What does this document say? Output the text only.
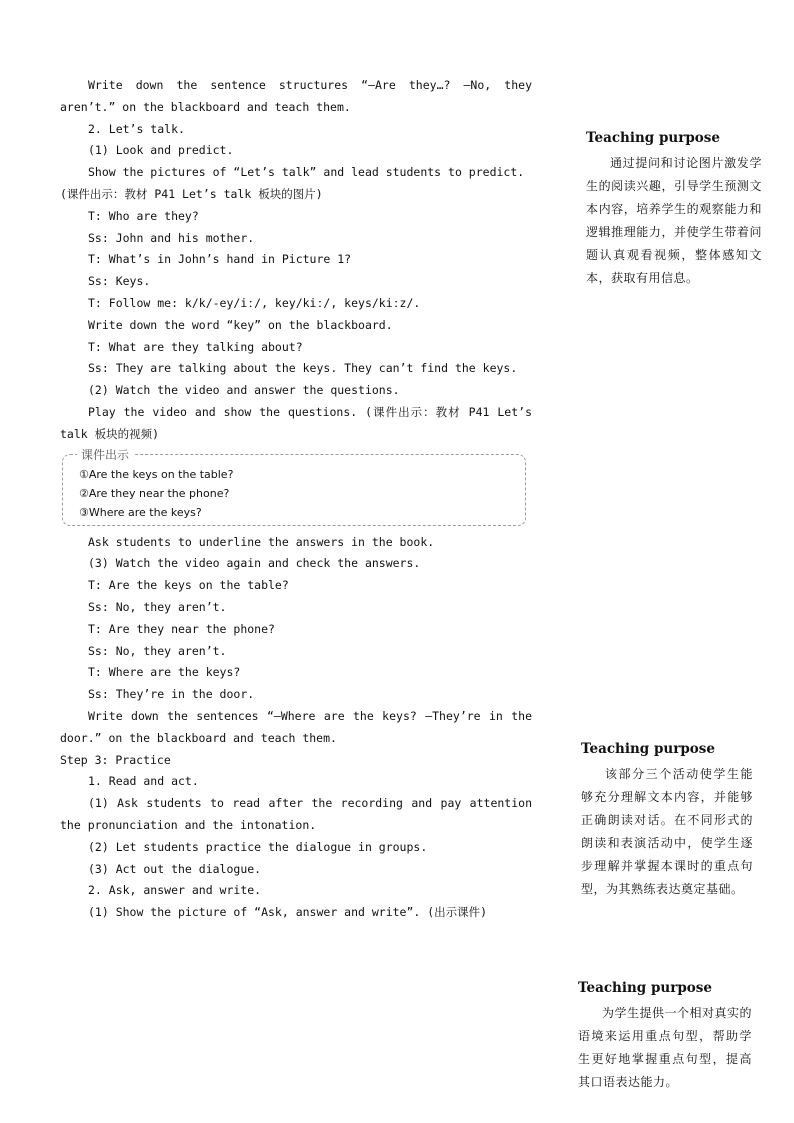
Write down the sentence structures “—Are they…? —No, they
aren’t.” on the blackboard and teach them.
2. Let’s talk.
(1) Look and predict.
Show the pictures of “Let’s talk” and lead students to predict.
(课件出示：教材 P41 Let’s talk 板块的图片)
T: Who are they?
Ss: John and his mother.
T: What’s in John’s hand in Picture 1?
Ss: Keys.
T: Follow me: k/k/-ey/iː/, key/kiː/, keys/kiːz/.
Write down the word “key” on the blackboard.
T: What are they talking about?
Ss: They are talking about the keys. They can’t find the keys.
(2) Watch the video and answer the questions.
Play the video and show the questions. (课件出示：教材 P41 Let’s
talk 板块的视频)
课件出示
①Are the keys on the table?
②Are they near the phone?
③Where are the keys?
Ask students to underline the answers in the book.
(3) Watch the video again and check the answers.
T: Are the keys on the table?
Ss: No, they aren’t.
T: Are they near the phone?
Ss: No, they aren’t.
T: Where are the keys?
Ss: They’re in the door.
Write down the sentences “—Where are the keys? —They’re in the
door.” on the blackboard and teach them.
Step 3: Practice
1. Read and act.
(1) Ask students to read after the recording and pay attention
the pronunciation and the intonation.
(2) Let students practice the dialogue in groups.
(3) Act out the dialogue.
2. Ask, answer and write.
(1) Show the picture of “Ask, answer and write”. (出示课件)
Teaching purpose
通过提问和讨论图片激发学生的阅读兴趣，引导学生预测文本内容，培养学生的观察能力和逻辑推理能力，并使学生带着问题认真观看视频，整体感知文本，获取有用信息。
Teaching purpose
该部分三个活动使学生能够充分理解文本内容，并能够正确朗读对话。在不同形式的朗读和表演活动中，使学生逐步理解并掌握本课时的重点句型，为其熟练表达奠定基础。
Teaching purpose
为学生提供一个相对真实的语境来运用重点句型，帮助学生更好地掌握重点句型，提高其口语表达能力。
